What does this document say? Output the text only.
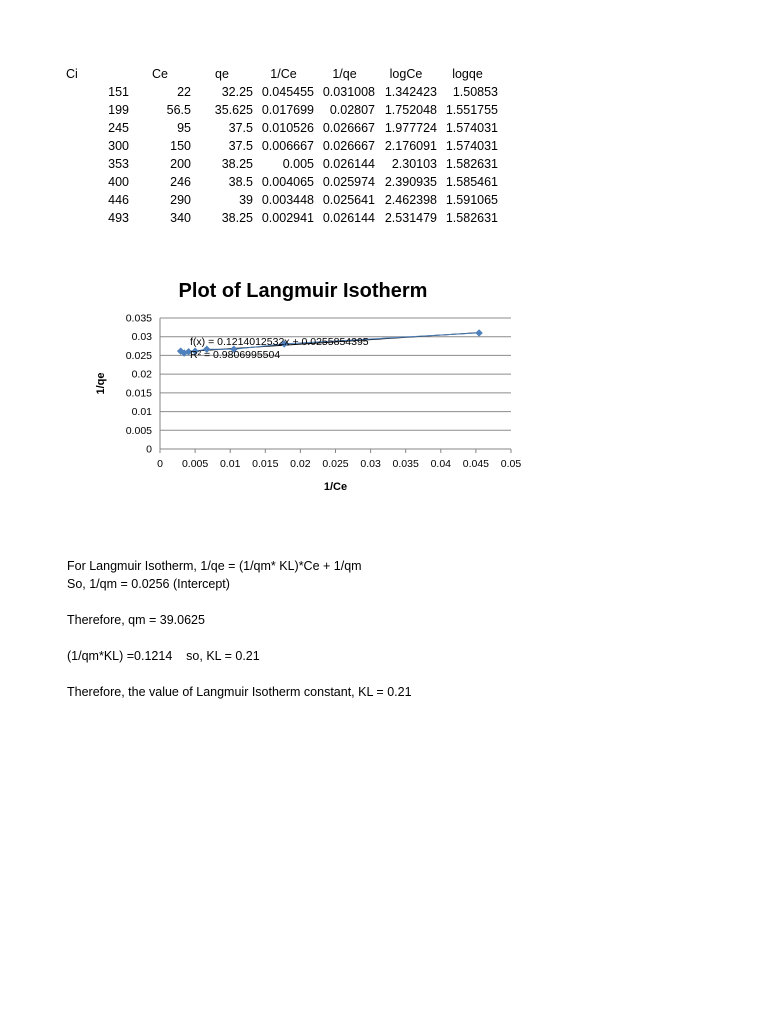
Ci	Ce	qe	1/Ce	1/qe	logCe	logqe
151	22	32.25	0.045455	0.031008	1.342423	1.50853
199	56.5	35.625	0.017699	0.02807	1.752048	1.551755
245	95	37.5	0.010526	0.026667	1.977724	1.574031
300	150	37.5	0.006667	0.026667	2.176091	1.574031
353	200	38.25	0.005	0.026144	2.30103	1.582631
400	246	38.5	0.004065	0.025974	2.390935	1.585461
446	290	39	0.003448	0.025641	2.462398	1.591065
493	340	38.25	0.002941	0.026144	2.531479	1.582631
Plot of Langmuir Isotherm
0
0.005
0.01
0.015
0.02
0.025
0.03
0.035
0 0.005 0.01 0.015 0.02 0.025 0.03 0.035 0.04 0.045 0.05
1/Ce
1/qe
f(x) = 0.1214012532x + 0.0255854395
R² = 0.9806995504

For Langmuir Isotherm, 1/qe = (1/qm* KL)*Ce + 1/qm

So, 1/qm = 0.0256 (Intercept)

Therefore, qm = 39.0625

(1/qm*KL) =0.1214    so, KL = 0.21

Therefore, the value of Langmuir Isotherm constant, KL = 0.21
